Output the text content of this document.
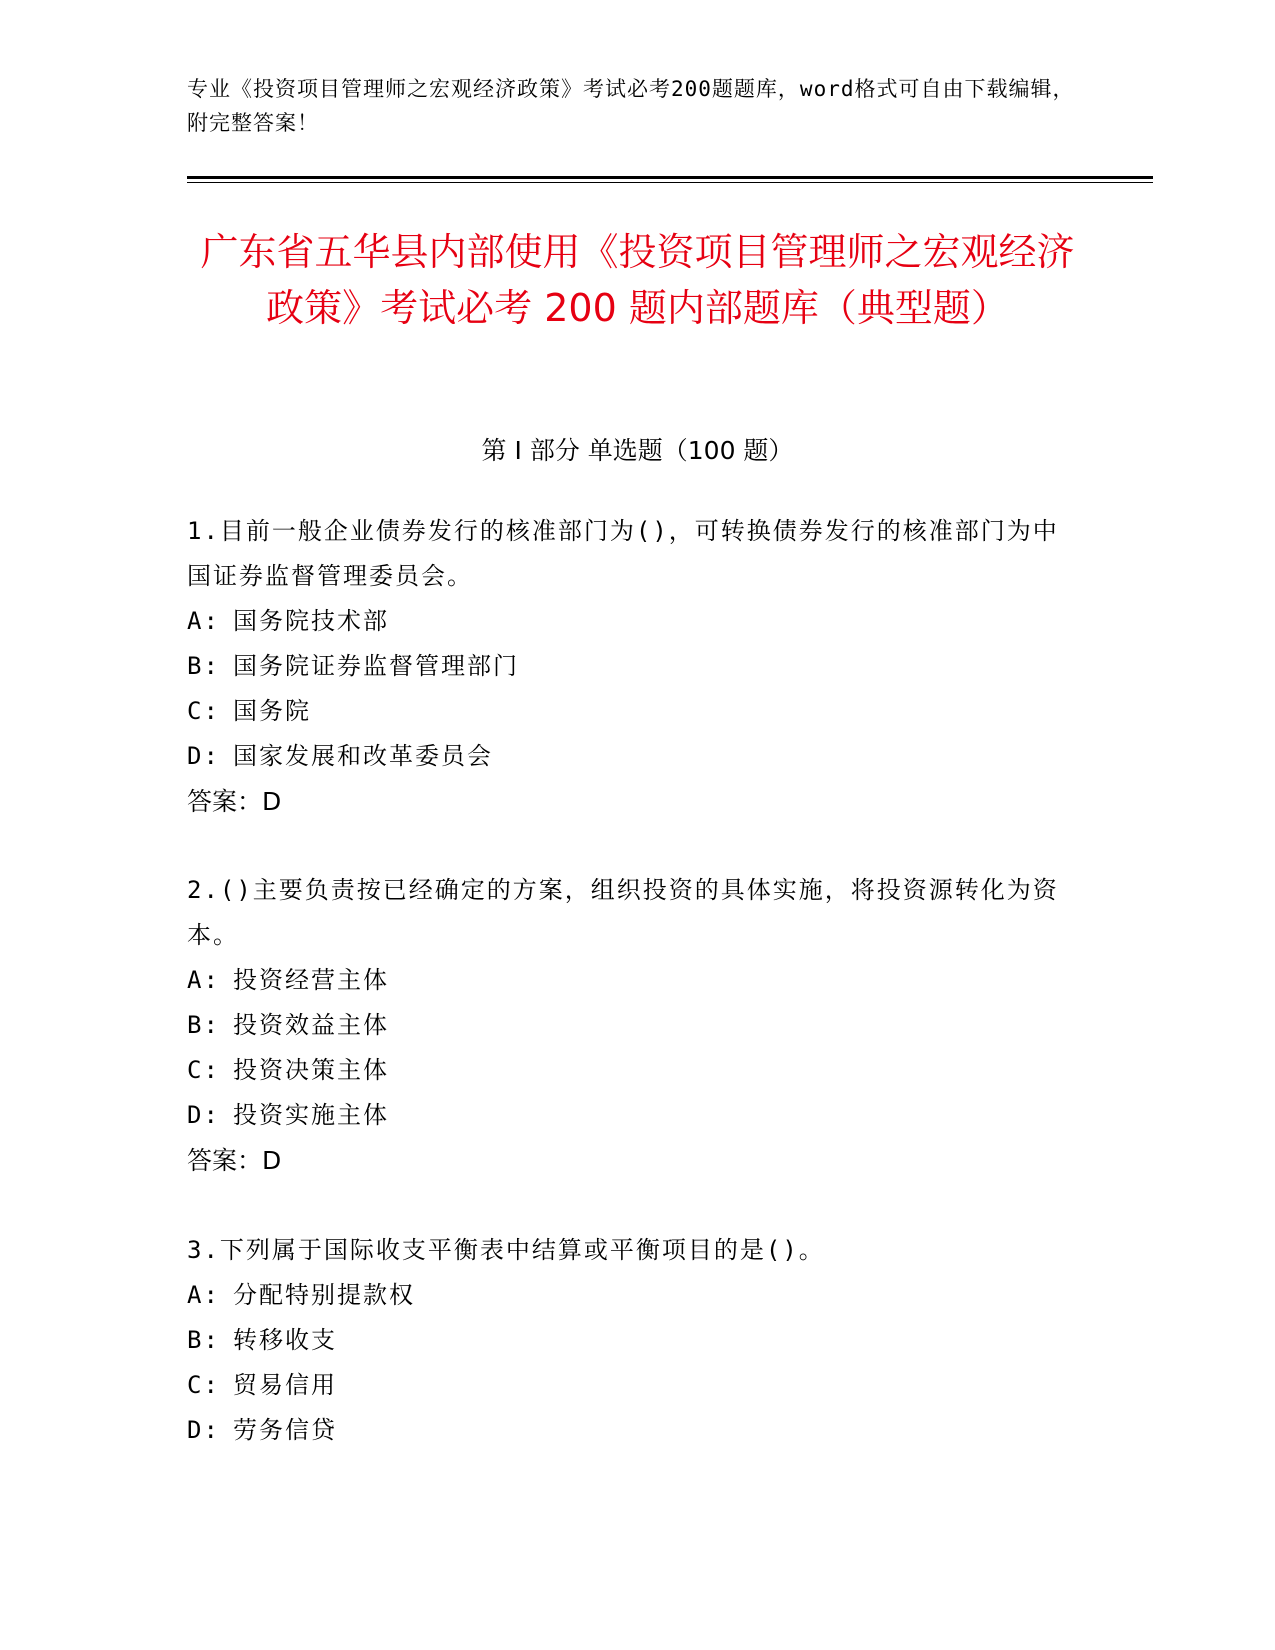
专业《投资项目管理师之宏观经济政策》考试必考200题题库，word格式可自由下载编辑，附完整答案！
广东省五华县内部使用《投资项目管理师之宏观经济政策》考试必考 200 题内部题库（典型题）
第 I 部分 单选题（100 题）

1.目前一般企业债券发行的核准部门为()，可转换债券发行的核准部门为中国证券监督管理委员会。

A: 国务院技术部

B: 国务院证券监督管理部门

C: 国务院

D: 国家发展和改革委员会

答案：D

2.()主要负责按已经确定的方案，组织投资的具体实施，将投资源转化为资本。

A: 投资经营主体

B: 投资效益主体

C: 投资决策主体

D: 投资实施主体

答案：D

3.下列属于国际收支平衡表中结算或平衡项目的是()。

A: 分配特别提款权

B: 转移收支

C: 贸易信用

D: 劳务信贷
